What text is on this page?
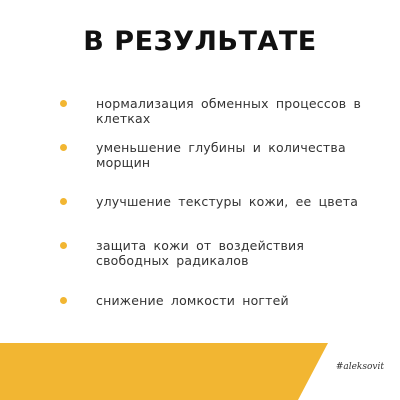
В РЕЗУЛЬТАТЕ
нормализация обменных процессов в клетках
уменьшение глубины и количества морщин
улучшение текстуры кожи, ее цвета
защита кожи от воздействия свободных радикалов
снижение ломкости ногтей
#aleksovit
